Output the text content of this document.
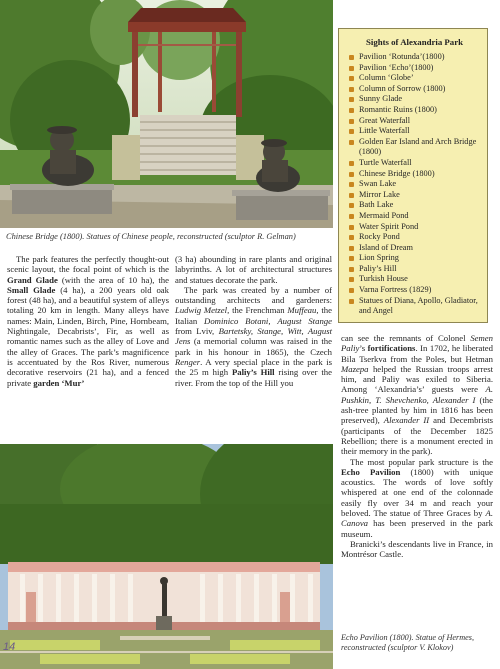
Chinese Bridge (1800). Statues of Chinese people, reconstructed (sculptor R. Gelman)
Sights of Alexandria Park
Pavilion ‘Rotunda’(1800)
Pavilion ‘Echo’(1800)
Column ‘Globe’
Column of Sorrow (1800)
Sunny Glade
Romantic Ruins (1800)
Great Waterfall
Little Waterfall
Golden Ear Island and Arch Bridge (1800)
Turtle Waterfall
Chinese Bridge (1800)
Swan Lake
Mirror Lake
Bath Lake
Mermaid Pond
Water Spirit Pond
Rocky Pond
Island of Dream
Lion Spring
Paliy’s Hill
Turkish House
Varna Fortress (1829)
Statues of Diana, Apollo, Gladiator, and Angel

The park features the perfectly thought-out scenic layout, the focal point of which is the Grand Glade (with the area of 10 ha), the Small Glade (4 ha), a 200 years old oak forest (48 ha), and a beautiful system of alleys totaling 20 km in length. Many alleys have names: Main, Linden, Birch, Pine, Hornbeam, Nightingale, Decabrists’, Fir, as well as romantic names such as the alley of Love and the alley of Graces. The park’s magnificence is accentuated by the Ros River, numerous decorative reservoirs (21 ha), and a fenced private garden ‘Mur’

(3 ha) abounding in rare plants and original labyrinths. A lot of architectural structures and statues decorate the park.

The park was created by a number of outstanding architects and gardeners: Ludwig Metzel, the Frenchman Muffeau, the Italian Dominico Botani, August Stange from Lviv, Bartetsky, Stange, Witt, August Jens (a memorial column was raised in the park in his honour in 1865), the Czech Renger. A very special place in the park is the 25 m high Paliy’s Hill rising over the river. From the top of the Hill you

can see the remnants of Colonel Semen Paliy’s fortifications. In 1702, he liberated Bila Tserkva from the Poles, but Hetman Mazepa helped the Russian troops arrest him, and Paliy was exiled to Siberia. Among ‘Alexandria’s’ guests were A. Pushkin, T. Shevchenko, Alexander I (the ash-tree planted by him in 1816 has been preserved), Alexander II and Decembrists (participants of the December 1825 Rebellion; there is a monument erected in their memory in the park).

The most popular park structure is the Echo Pavilion (1800) with unique acoustics. The words of love softly whispered at one end of the colonnade easily fly over 34 m and reach your beloved. The statue of Three Graces by A. Canova has been preserved in the park museum.

Branicki’s descendants live in France, in Montrésor Castle.

Echo Pavilion (1800). Statue of Hermes, reconstructed (sculptor V. Klokov)
14
